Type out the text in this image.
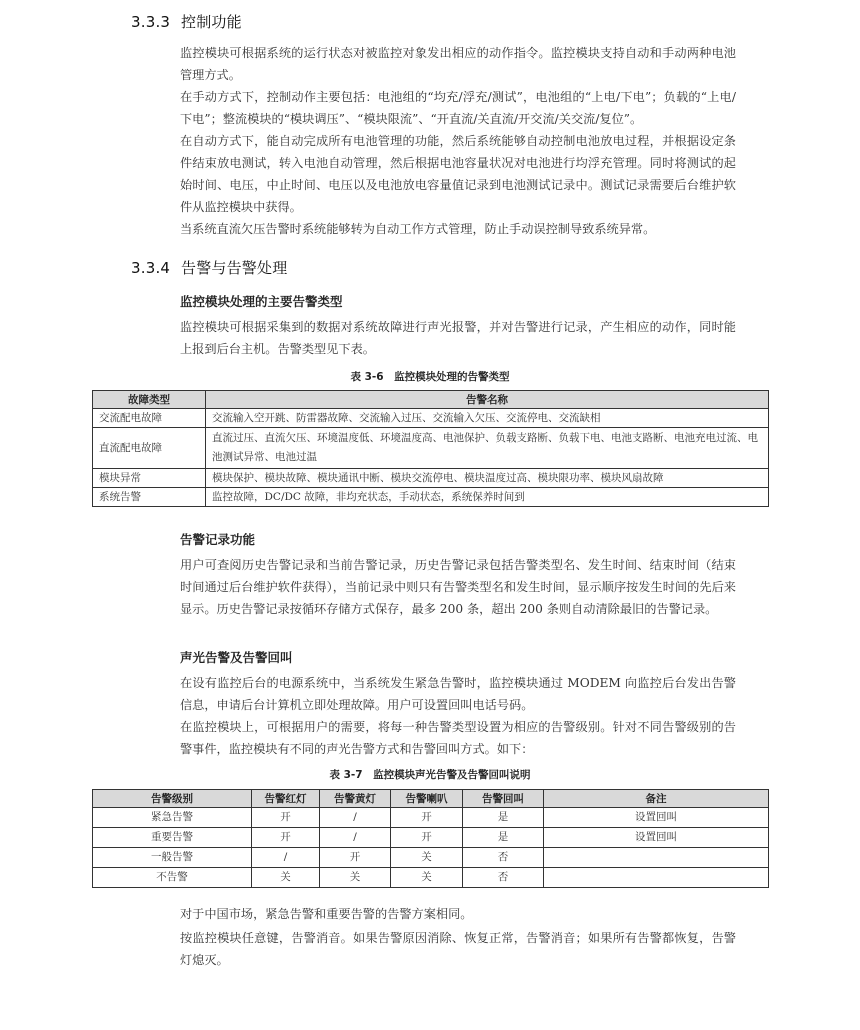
3.3.3 控制功能

监控模块可根据系统的运行状态对被监控对象发出相应的动作指令。监控模块支持自动和手动两种电池管理方式。

在手动方式下，控制动作主要包括：电池组的“均充/浮充/测试”，电池组的“上电/下电”；负载的“上电/下电”；整流模块的“模块调压”、“模块限流”、“开直流/关直流/开交流/关交流/复位”。

在自动方式下，能自动完成所有电池管理的功能，然后系统能够自动控制电池放电过程，并根据设定条件结束放电测试，转入电池自动管理，然后根据电池容量状况对电池进行均浮充管理。同时将测试的起始时间、电压，中止时间、电压以及电池放电容量值记录到电池测试记录中。测试记录需要后台维护软件从监控模块中获得。

当系统直流欠压告警时系统能够转为自动工作方式管理，防止手动误控制导致系统异常。

3.3.4 告警与告警处理
监控模块处理的主要告警类型

监控模块可根据采集到的数据对系统故障进行声光报警，并对告警进行记录，产生相应的动作，同时能上报到后台主机。告警类型见下表。

表 3-6　监控模块处理的告警类型
故障类型	告警名称
交流配电故障	交流输入空开跳、防雷器故障、交流输入过压、交流输入欠压、交流停电、交流缺相
直流配电故障	直流过压、直流欠压、环境温度低、环境温度高、电池保护、负载支路断、负载下电、电池支路断、电池充电过流、电池测试异常、电池过温
模块异常	模块保护、模块故障、模块通讯中断、模块交流停电、模块温度过高、模块限功率、模块风扇故障
系统告警	监控故障，DC/DC 故障，非均充状态，手动状态，系统保养时间到
告警记录功能

用户可查阅历史告警记录和当前告警记录，历史告警记录包括告警类型名、发生时间、结束时间（结束时间通过后台维护软件获得），当前记录中则只有告警类型名和发生时间，显示顺序按发生时间的先后来显示。历史告警记录按循环存储方式保存，最多 200 条，超出 200 条则自动清除最旧的告警记录。

声光告警及告警回叫

在设有监控后台的电源系统中，当系统发生紧急告警时，监控模块通过 MODEM 向监控后台发出告警信息，申请后台计算机立即处理故障。用户可设置回叫电话号码。

在监控模块上，可根据用户的需要，将每一种告警类型设置为相应的告警级别。针对不同告警级别的告警事件，监控模块有不同的声光告警方式和告警回叫方式。如下：

表 3-7　监控模块声光告警及告警回叫说明
告警级别	告警红灯	告警黄灯	告警喇叭	告警回叫	备注
紧急告警	开	/	开	是	设置回叫
重要告警	开	/	开	是	设置回叫
一般告警	/	开	关	否	
不告警	关	关	关	否	

对于中国市场，紧急告警和重要告警的告警方案相同。

按监控模块任意键，告警消音。如果告警原因消除、恢复正常，告警消音；如果所有告警都恢复，告警灯熄灭。
